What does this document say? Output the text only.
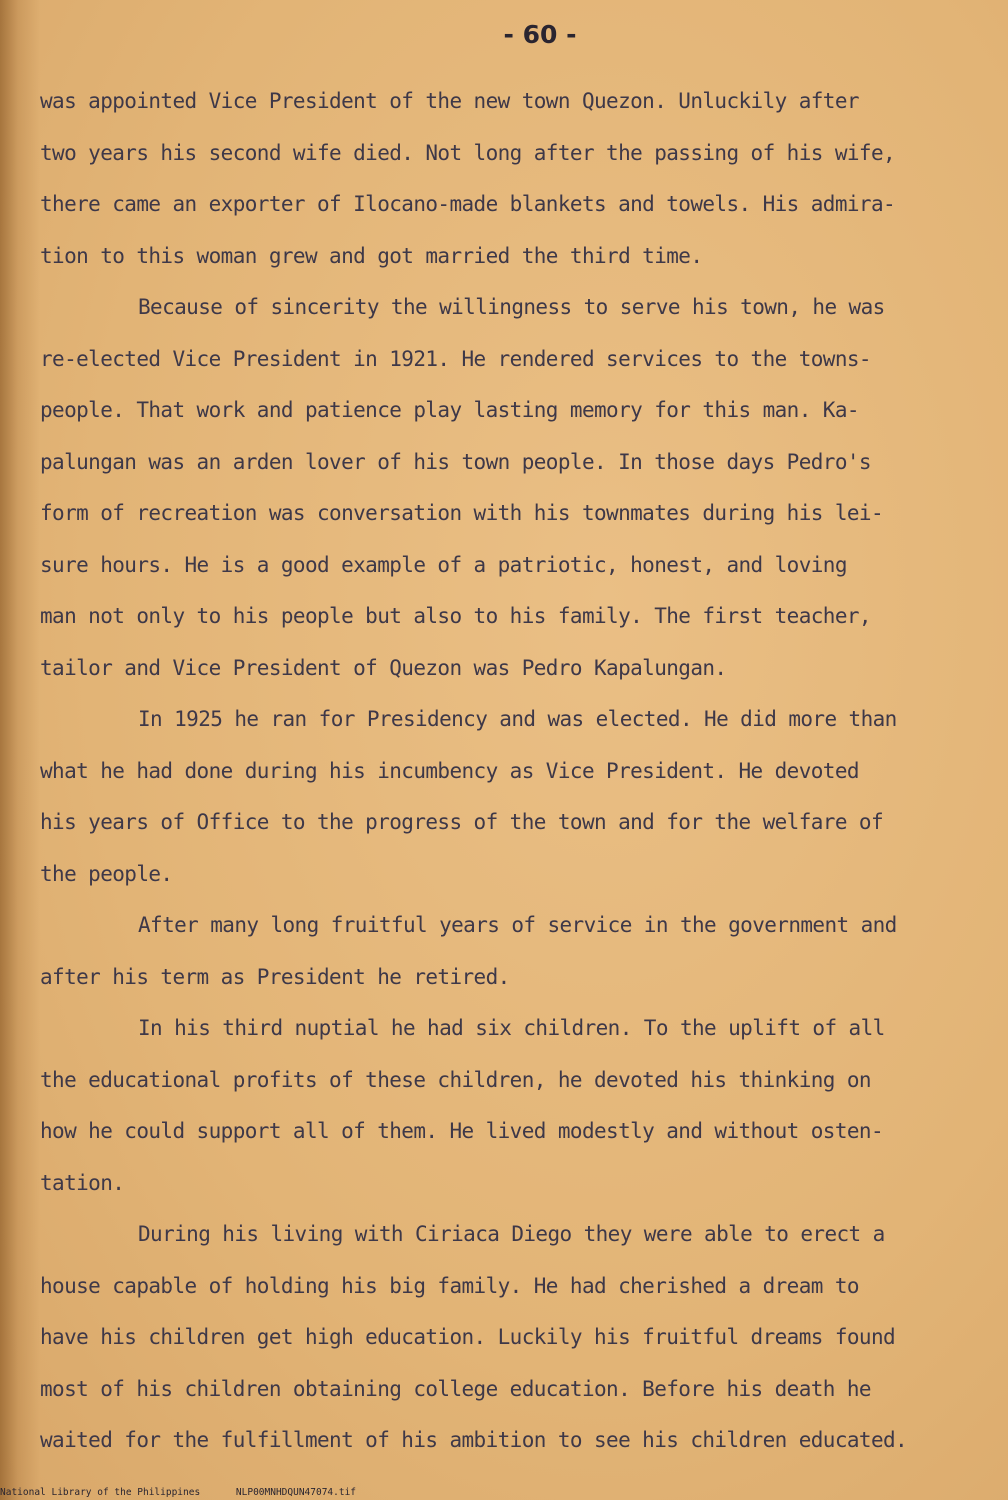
- 60 -
was appointed Vice President of the new town Quezon. Unluckily after
two years his second wife died. Not long after the passing of his wife,
there came an exporter of Ilocano-made blankets and towels. His admira-
tion to this woman grew and got married the third time.
Because of sincerity the willingness to serve his town, he was
re-elected Vice President in 1921. He rendered services to the towns-
people. That work and patience play lasting memory for this man. Ka-
palungan was an arden lover of his town people. In those days Pedro's
form of recreation was conversation with his townmates during his lei-
sure hours. He is a good example of a patriotic, honest, and loving
man not only to his people but also to his family. The first teacher,
tailor and Vice President of Quezon was Pedro Kapalungan.
In 1925 he ran for Presidency and was elected. He did more than
what he had done during his incumbency as Vice President. He devoted
his years of Office to the progress of the town and for the welfare of
the people.
After many long fruitful years of service in the government and
after his term as President he retired.
In his third nuptial he had six children. To the uplift of all
the educational profits of these children, he devoted his thinking on
how he could support all of them. He lived modestly and without osten-
tation.
During his living with Ciriaca Diego they were able to erect a
house capable of holding his big family. He had cherished a dream to
have his children get high education. Luckily his fruitful dreams found
most of his children obtaining college education. Before his death he
waited for the fulfillment of his ambition to see his children educated.
National Library of the Philippines	NLP00MNHDQUN47074.tif
